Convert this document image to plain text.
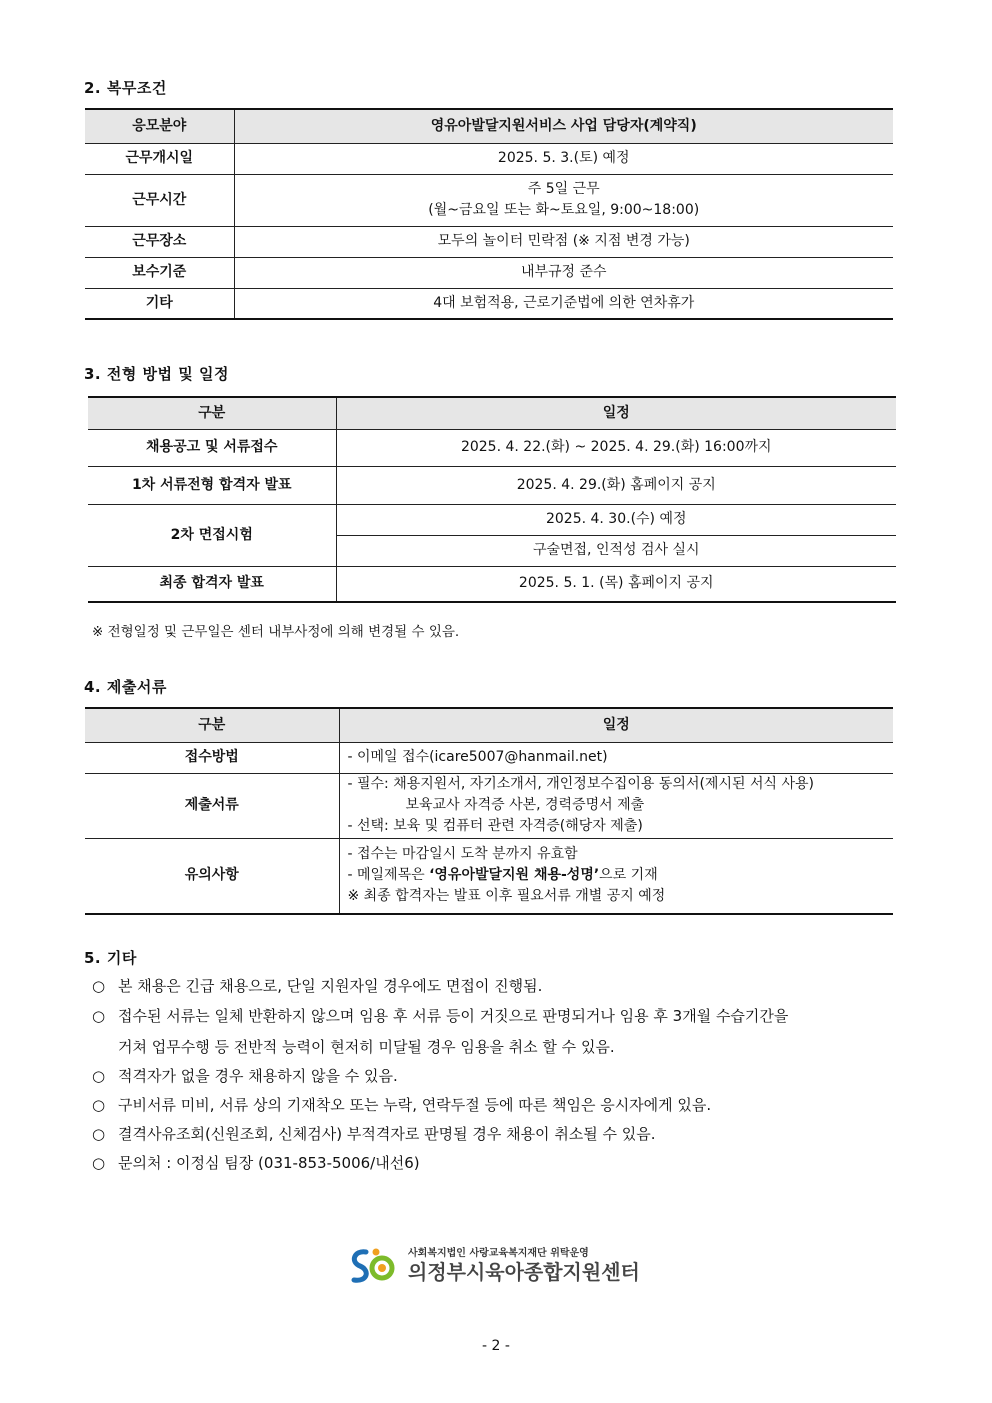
2. 복무조건
응모분야	영유아발달지원서비스 사업 담당자(계약직)
근무개시일	2025. 5. 3.(토) 예정
근무시간	주 5일 근무
(월~금요일 또는 화~토요일, 9:00~18:00)

근무장소	모두의 놀이터 민락점 (※ 지점 변경 가능)
보수기준	내부규정 준수
기타	4대 보험적용, 근로기준법에 의한 연차휴가
3. 전형 방법 및 일정
구분	일정
채용공고 및 서류접수	2025. 4. 22.(화) ~ 2025. 4. 29.(화) 16:00까지
1차 서류전형 합격자 발표	2025. 4. 29.(화) 홈페이지 공지
2차 면접시험	2025. 4. 30.(수) 예정
	구술면접, 인적성 검사 실시
최종 합격자 발표	2025. 5. 1. (목) 홈페이지 공지
※ 전형일정 및 근무일은 센터 내부사정에 의해 변경될 수 있음.
4. 제출서류
구분	일정
접수방법	- 이메일 접수(icare5007@hanmail.net)
제출서류	- 필수: 채용지원서, 자기소개서, 개인정보수집이용 동의서(제시된 서식 사용)
보육교사 자격증 사본, 경력증명서 제출
- 선택: 보육 및 컴퓨터 관련 자격증(해당자 제출)

유의사항	- 접수는 마감일시 도착 분까지 유효함
- 메일제목은 ‘영유아발달지원 채용-성명’으로 기재
※ 최종 합격자는 발표 이후 필요서류 개별 공지 예정
5. 기타
○ 본 채용은 긴급 채용으로, 단일 지원자일 경우에도 면접이 진행됨.
○ 접수된 서류는 일체 반환하지 않으며 임용 후 서류 등이 거짓으로 판명되거나 임용 후 3개월 수습기간을
거쳐 업무수행 등 전반적 능력이 현저히 미달될 경우 임용을 취소 할 수 있음.
○ 적격자가 없을 경우 채용하지 않을 수 있음.
○ 구비서류 미비, 서류 상의 기재착오 또는 누락, 연락두절 등에 따른 책임은 응시자에게 있음.
○ 결격사유조회(신원조회, 신체검사) 부적격자로 판명될 경우 채용이 취소될 수 있음.
○ 문의처 : 이정심 팀장 (031-853-5006/내선6)
사회복지법인 사랑교육복지재단 위탁운영
의정부시육아종합지원센터
- 2 -
